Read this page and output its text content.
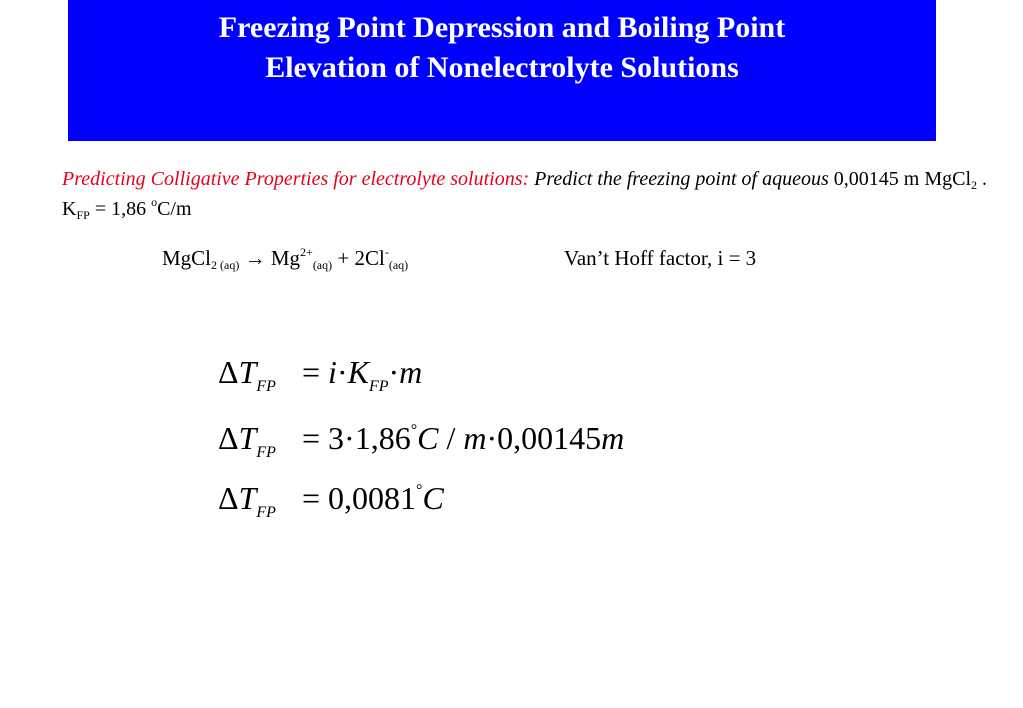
Freezing Point Depression and Boiling Point
Elevation of Nonelectrolyte Solutions
Predicting Colligative Properties for electrolyte solutions: Predict the freezing point of aqueous 0,00145 m MgCl$_2$ . $K_{FP} = 1,86$ $^o$C/m
MgCl$_{2 (aq)}$ → $Mg^{2+}_{(aq)} + 2Cl^-_{(aq)}$	Van’t Hoff factor, i = 3
$\Delta T_{FP} = i\cdot K_{FP}\cdot m$
$\Delta T_{FP} = 3\cdot 1,86^\circ C / m\cdot 0,00145m$
$\Delta T_{FP} = 0,0081^\circ C$
